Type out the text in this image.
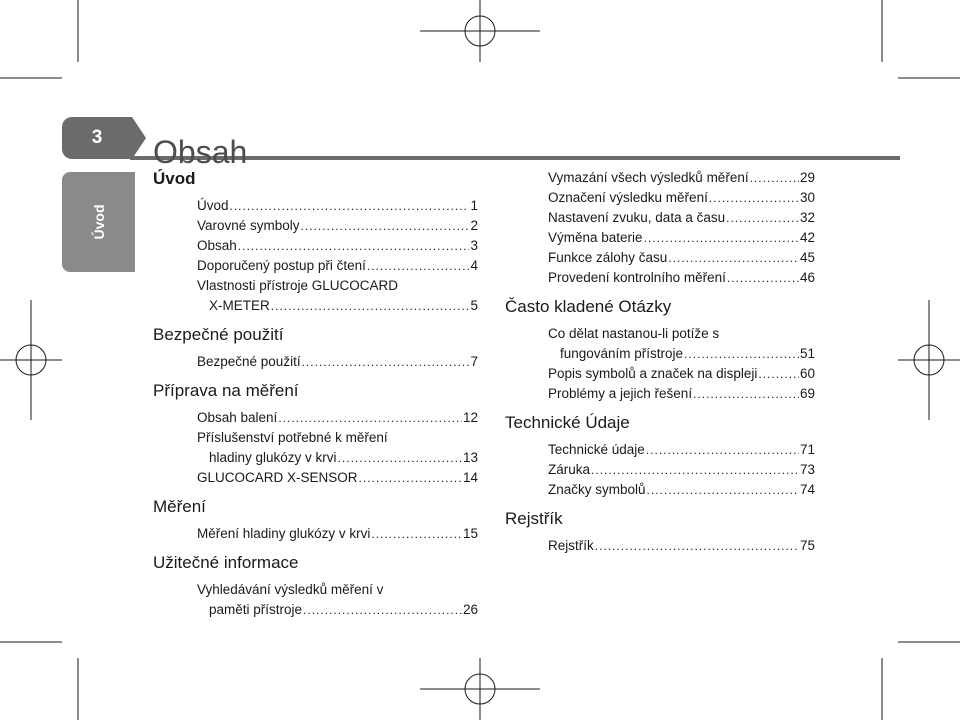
3 Obsah
Úvod
Úvod
Úvod .....	1
Varovné symboly .....	2
Obsah .....	3
Doporučený postup při čtení .....	4
Vlastnosti přístroje GLUCOCARD
X-METER .....	5
Bezpečné použití
Bezpečné použití .....	7
Příprava na měření
Obsah balení .....	12
Příslušenství potřebné k měření
hladiny glukózy v krvi .....	13
GLUCOCARD X-SENSOR .....	14
Měření
Měření hladiny glukózy v krvi .....	15
Užitečné informace
Vyhledávání výsledků měření v
paměti přístroje .....	26
Vymazání všech výsledků měření .....	29
Označení výsledku měření .....	30
Nastavení zvuku, data a času .....	32
Výměna baterie .....	42
Funkce zálohy času .....	45
Provedení kontrolního měření .....	46
Často kladené Otázky
Co dělat nastanou-li potíže s
fungováním přístroje .....	51
Popis symbolů a značek na displeji .....	60
Problémy a jejich řešení .....	69
Technické Údaje
Technické údaje .....	71
Záruka .....	73
Značky symbolů .....	74
Rejstřík
Rejstřík .....	75
